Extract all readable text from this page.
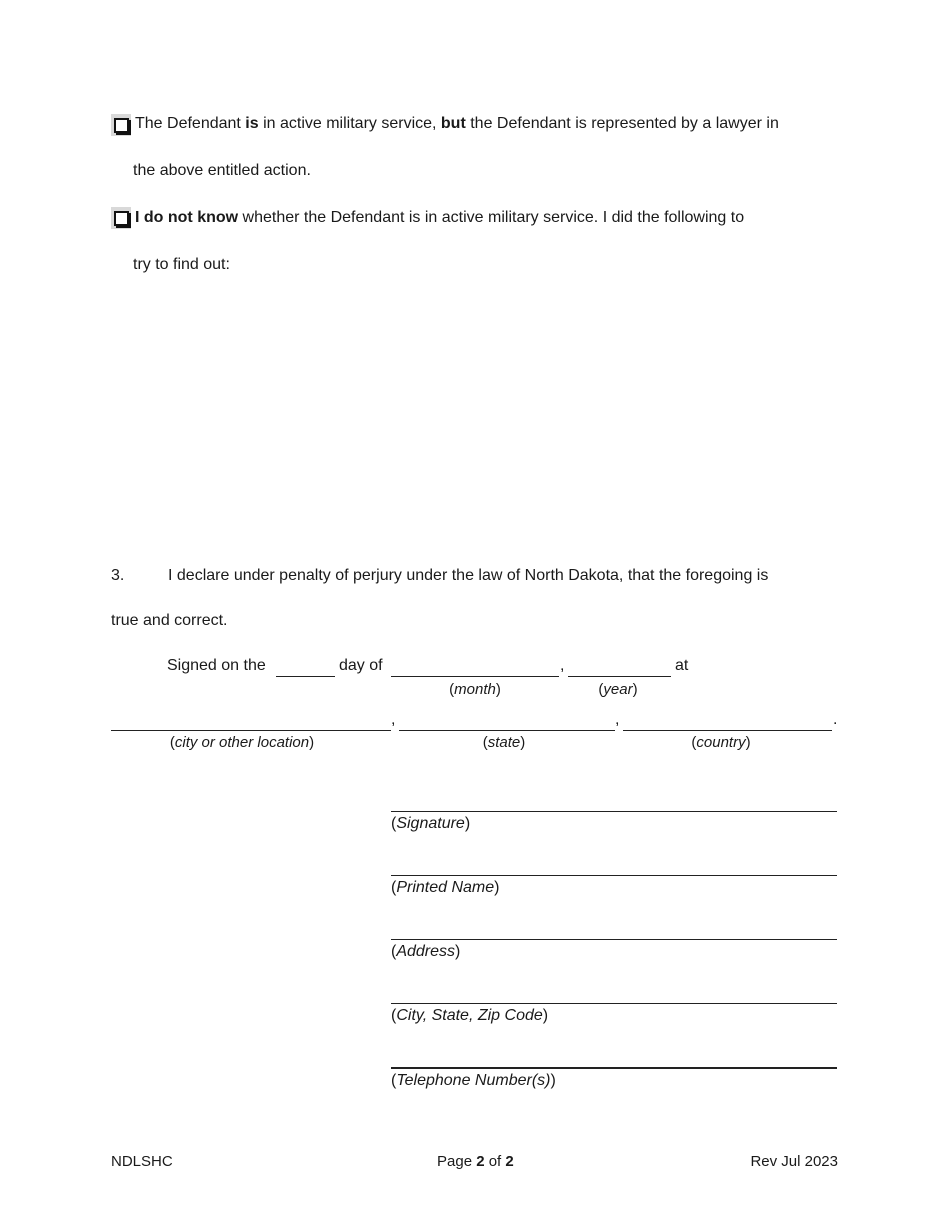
The Defendant is in active military service, but the Defendant is represented by a lawyer in
the above entitled action.
I do not know whether the Defendant is in active military service. I did the following to
try to find out:
3.	I declare under penalty of perjury under the law of North Dakota, that the foregoing is
true and correct.
Signed on the	day of	,	at
(month)	(year)
,	,	.
(city or other location)	(state)	(country)
(Signature)
(Printed Name)
(Address)
(City, State, Zip Code)
(Telephone Number(s))
NDLSHC	Page 2 of 2	Rev Jul 2023
